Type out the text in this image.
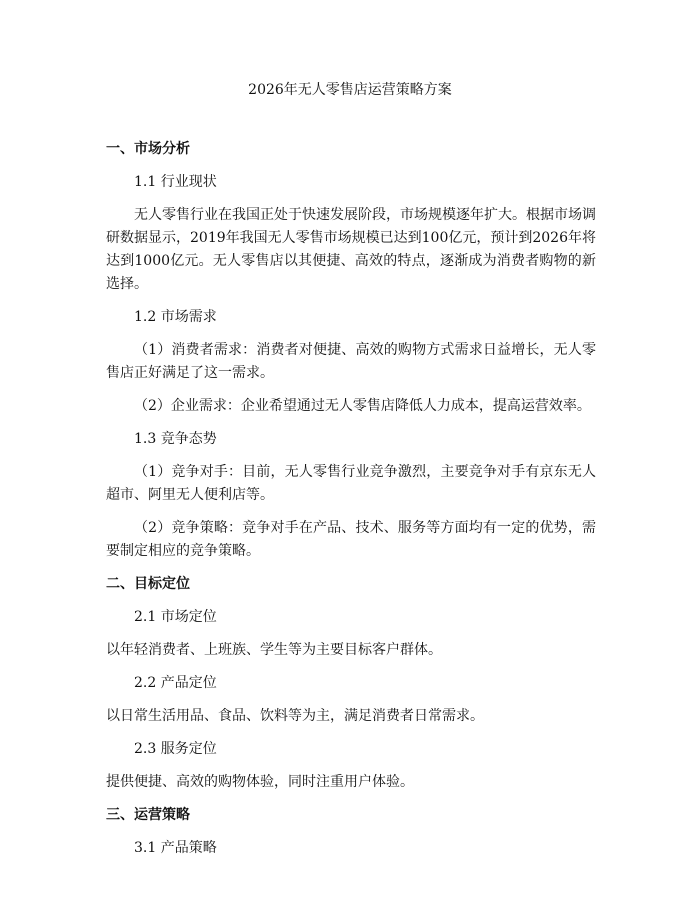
2026年无人零售店运营策略方案
一、市场分析
1.1 行业现状
无人零售行业在我国正处于快速发展阶段，市场规模逐年扩大。根据市场调研数据显示，2019年我国无人零售市场规模已达到100亿元，预计到2026年将达到1000亿元。无人零售店以其便捷、高效的特点，逐渐成为消费者购物的新选择。
1.2 市场需求
（1）消费者需求：消费者对便捷、高效的购物方式需求日益增长，无人零售店正好满足了这一需求。
（2）企业需求：企业希望通过无人零售店降低人力成本，提高运营效率。
1.3 竞争态势
（1）竞争对手：目前，无人零售行业竞争激烈，主要竞争对手有京东无人超市、阿里无人便利店等。
（2）竞争策略：竞争对手在产品、技术、服务等方面均有一定的优势，需要制定相应的竞争策略。
二、目标定位
2.1 市场定位
以年轻消费者、上班族、学生等为主要目标客户群体。
2.2 产品定位
以日常生活用品、食品、饮料等为主，满足消费者日常需求。
2.3 服务定位
提供便捷、高效的购物体验，同时注重用户体验。
三、运营策略
3.1 产品策略
